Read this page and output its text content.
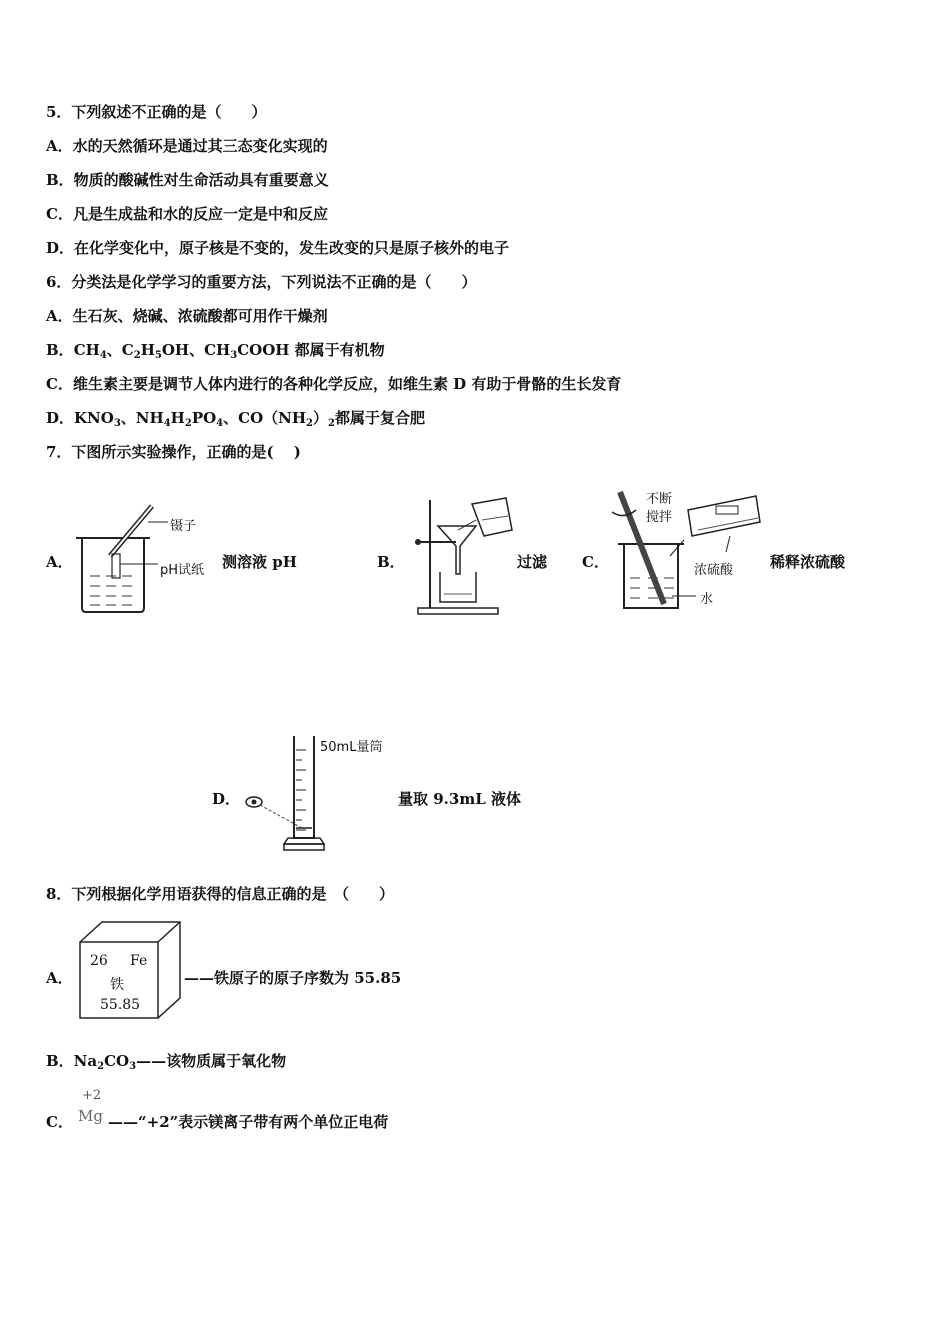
5．下列叙述不正确的是（　　）
A．水的天然循环是通过其三态变化实现的
B．物质的酸碱性对生命活动具有重要意义
C．凡是生成盐和水的反应一定是中和反应
D．在化学变化中，原子核是不变的，发生改变的只是原子核外的电子
6．分类法是化学学习的重要方法，下列说法不正确的是（　　）
A．生石灰、烧碱、浓硫酸都可用作干燥剂
B．$CH_4$、$C_2H_5OH$、$CH_3COOH$ 都属于有机物
C．维生素主要是调节人体内进行的各种化学反应，如维生素 D 有助于骨骼的生长发育
D．$KNO_3$、$NH_4H_2PO_4$、$CO(NH_2)_2$都属于复合肥
7．下图所示实验操作，正确的是(　 )
A．
镊子
pH试纸 测溶液 pH	B．	过滤 C．
不断
搅拌
浓硫酸
水
稀释浓硫酸
D．
50mL量筒
量取 9.3mL 液体
8．下列根据化学用语获得的信息正确的是　（　　）
A．
26 Fe
铁
55.85
——铁原子的原子序数为 55.85
B．$Na_2CO_3——$该物质属于氧化物
C．
+2
Mg ——“+2”表示镁离子带有两个单位正电荷
